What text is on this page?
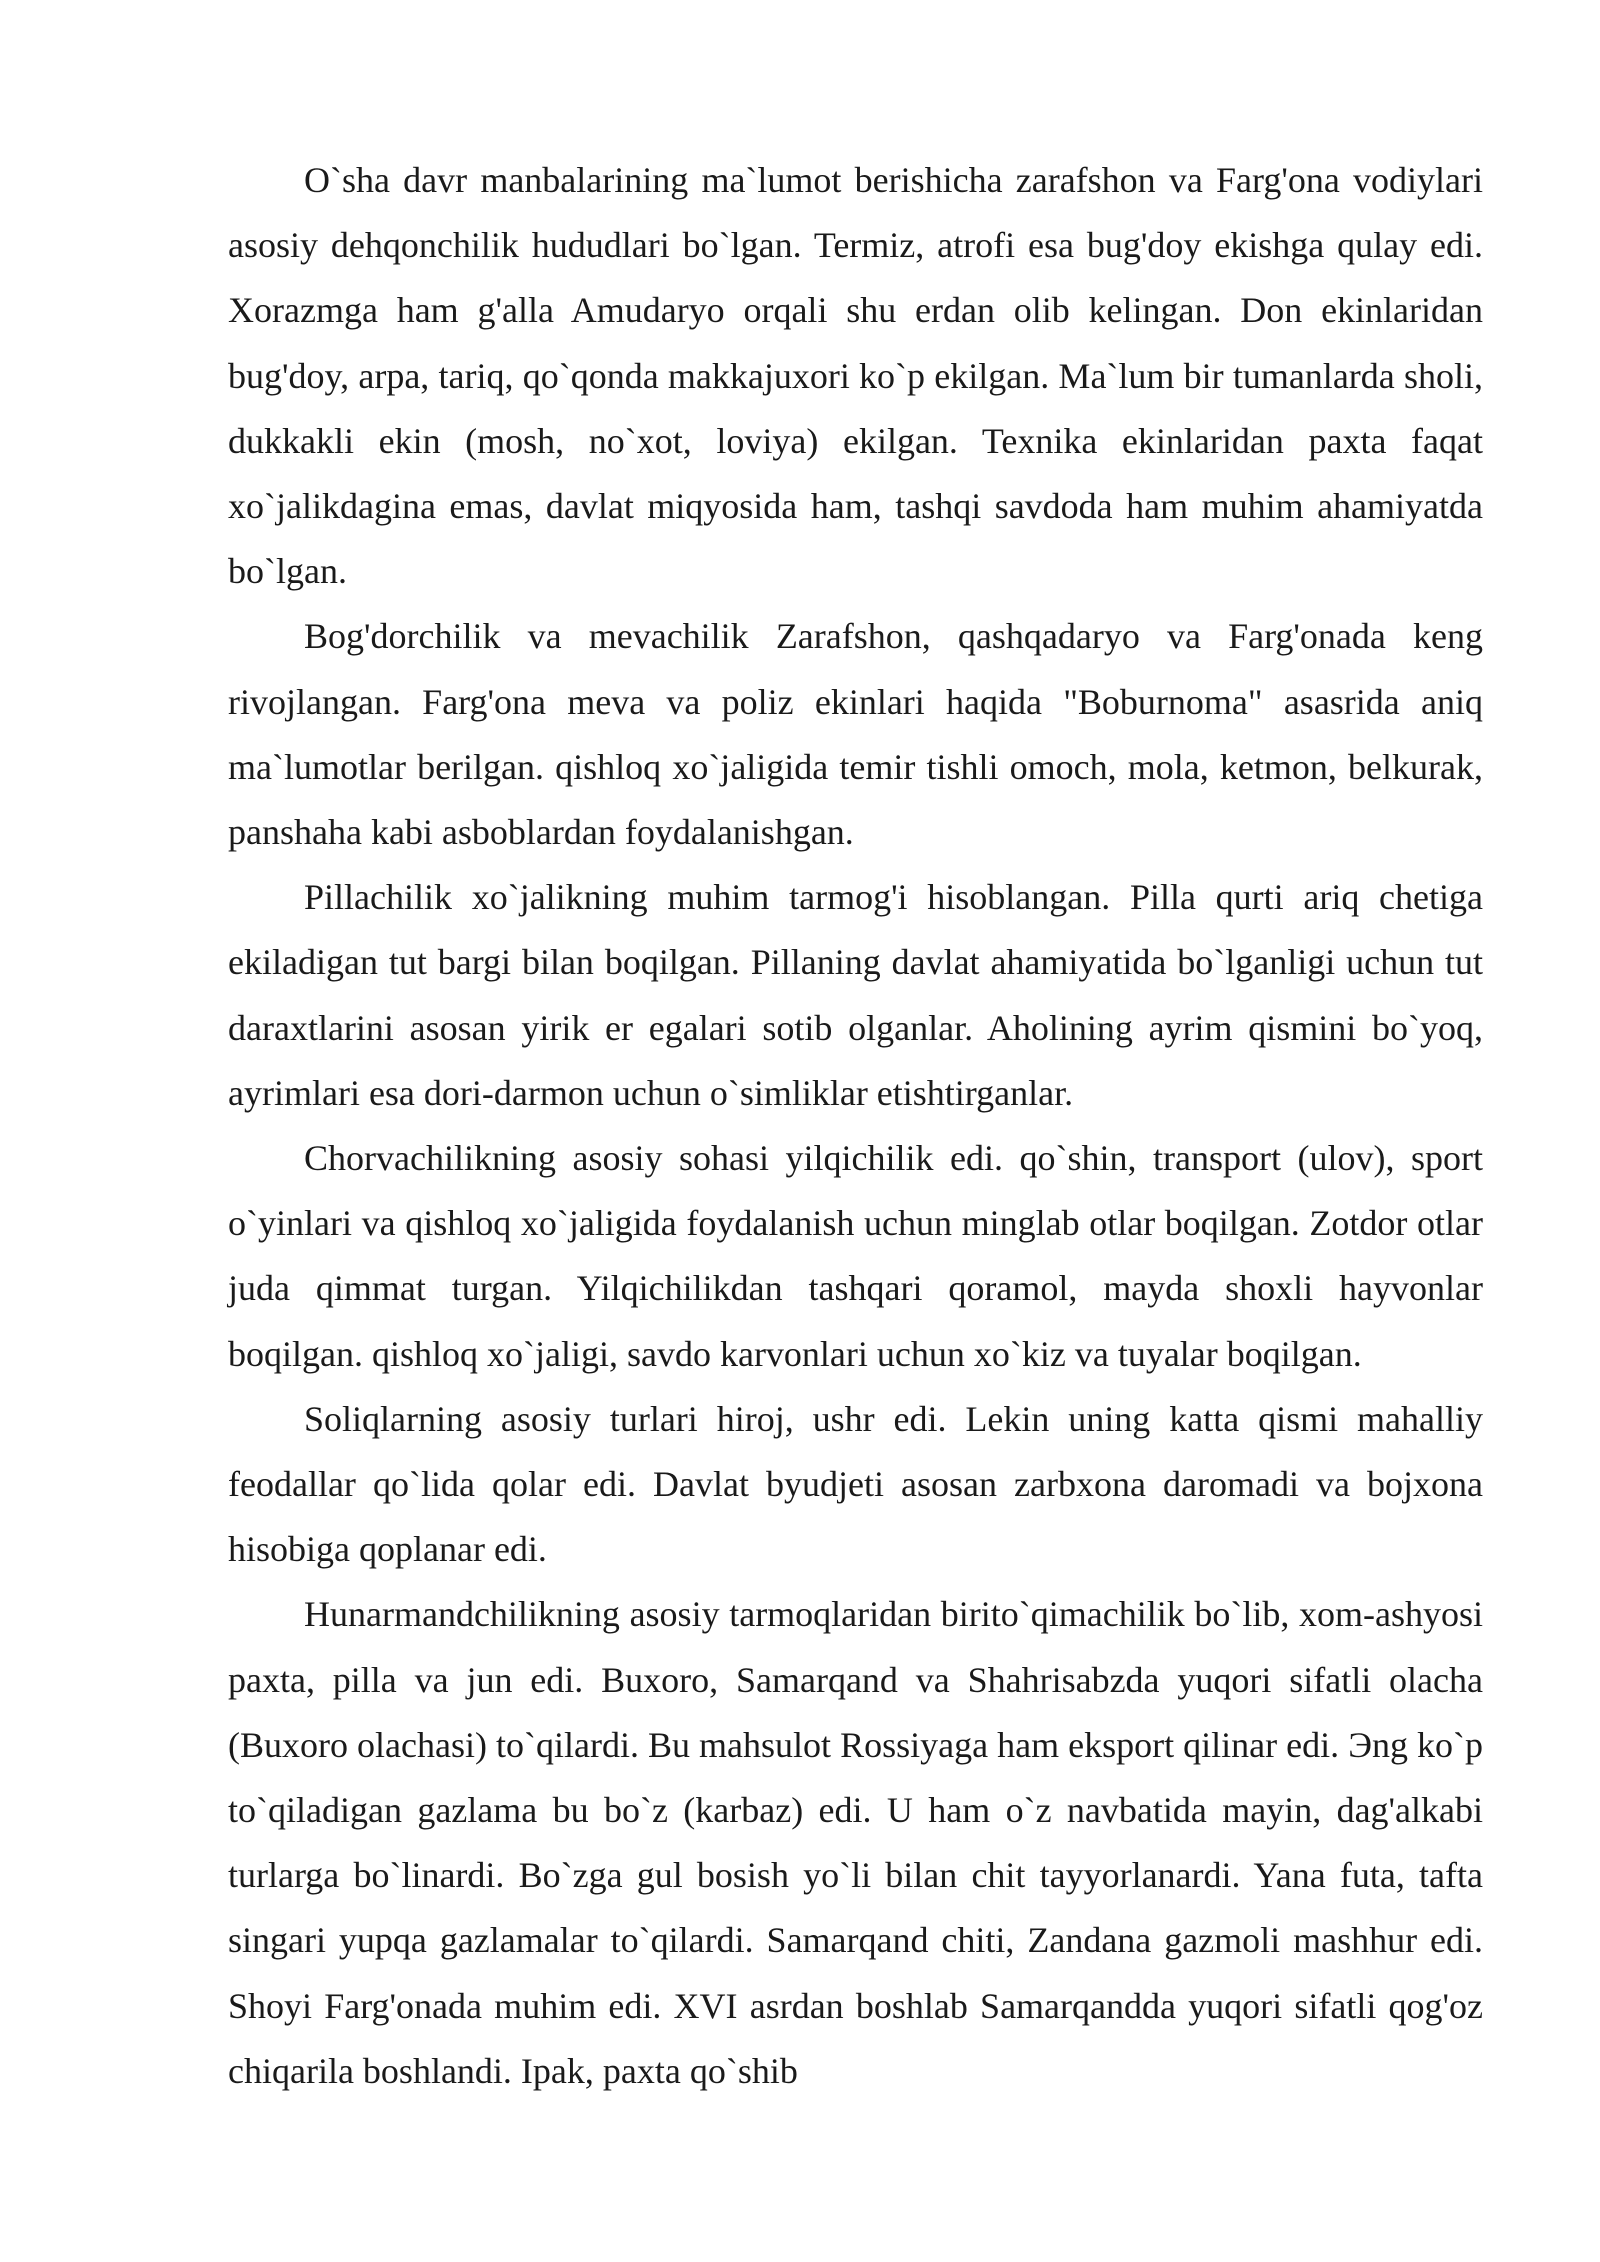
O`sha davr manbalarining ma`lumot berishicha zarafshon va Farg'ona vodiylari asosiy dehqonchilik hududlari bo`lgan. Termiz, atrofi esa bug'doy ekishga qulay edi. Xorazmga ham g'alla Amudaryo orqali shu erdan olib kelingan. Don ekinlaridan bug'doy, arpa, tariq, qo`qonda makkajuxori ko`p ekilgan. Ma`lum bir tumanlarda sholi, dukkakli ekin (mosh, no`xot, loviya) ekilgan. Texnika ekinlaridan paxta faqat xo`jalikdagina emas, davlat miqyosida ham, tashqi savdoda ham muhim ahamiyatda bo`lgan.

Bog'dorchilik va mevachilik Zarafshon, qashqadaryo va Farg'onada keng rivojlangan. Farg'ona meva va poliz ekinlari haqida "Boburnoma" asasrida aniq ma`lumotlar berilgan. qishloq xo`jaligida temir tishli omoch, mola, ketmon, belkurak, panshaha kabi asboblardan foydalanishgan.

Pillachilik xo`jalikning muhim tarmog'i hisoblangan. Pilla qurti ariq chetiga ekiladigan tut bargi bilan boqilgan. Pillaning davlat ahamiyatida bo`lganligi uchun tut daraxtlarini asosan yirik er egalari sotib olganlar. Aholining ayrim qismini bo`yoq, ayrimlari esa dori-darmon uchun o`simliklar etishtirganlar.

Chorvachilikning asosiy sohasi yilqichilik edi. qo`shin, transport (ulov), sport o`yinlari va qishloq xo`jaligida foydalanish uchun minglab otlar boqilgan. Zotdor otlar juda qimmat turgan. Yilqichilikdan tashqari qoramol, mayda shoxli hayvonlar boqilgan. qishloq xo`jaligi, savdo karvonlari uchun xo`kiz va tuyalar boqilgan.

Soliqlarning asosiy turlari hiroj, ushr edi. Lekin uning katta qismi mahalliy feodallar qo`lida qolar edi. Davlat byudjeti asosan zarbxona daromadi va bojxona hisobiga qoplanar edi.

Hunarmandchilikning asosiy tarmoqlaridan birito`qimachilik bo`lib, xom-ashyosi paxta, pilla va jun edi. Buxoro, Samarqand va Shahrisabzda yuqori sifatli olacha (Buxoro olachasi) to`qilardi. Bu mahsulot Rossiyaga ham eksport qilinar edi. Эng ko`p to`qiladigan gazlama bu bo`z (karbaz) edi. U ham o`z navbatida mayin, dag'alkabi turlarga bo`linardi. Bo`zga gul bosish yo`li bilan chit tayyorlanardi. Yana futa, tafta singari yupqa gazlamalar to`qilardi. Samarqand chiti, Zandana gazmoli mashhur edi. Shoyi Farg'onada muhim edi. XVI asrdan boshlab Samarqandda yuqori sifatli qog'oz chiqarila boshlandi. Ipak, paxta qo`shib
